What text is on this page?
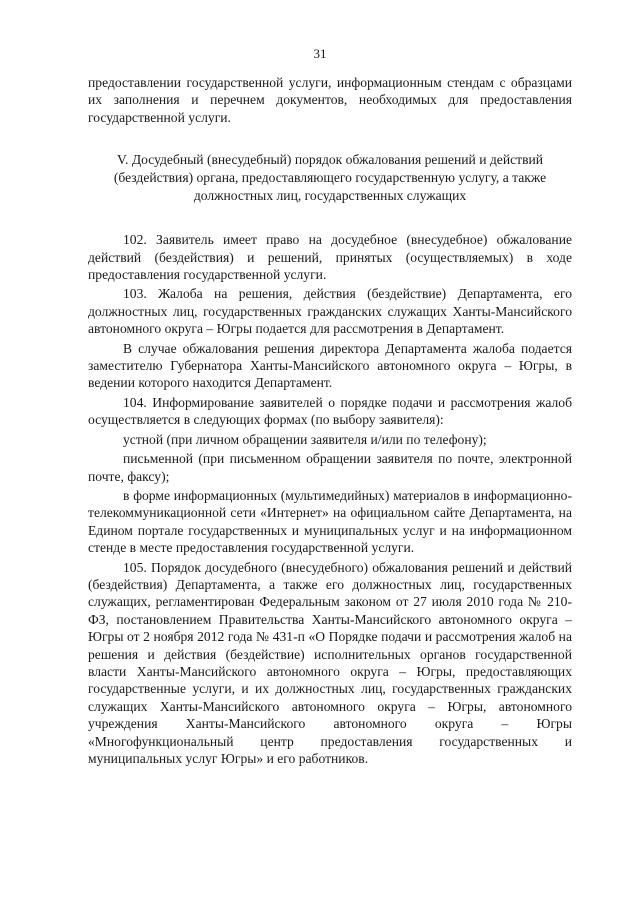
31

предоставлении государственной услуги, информационным стендам с образцами их заполнения и перечнем документов, необходимых для предоставления государственной услуги.

V. Досудебный (внесудебный) порядок обжалования решений и действий (бездействия) органа, предоставляющего государственную услугу, а также должностных лиц, государственных служащих

102. Заявитель имеет право на досудебное (внесудебное) обжалование действий (бездействия) и решений, принятых (осуществляемых) в ходе предоставления государственной услуги.

103. Жалоба на решения, действия (бездействие) Департамента, его должностных лиц, государственных гражданских служащих Ханты-Мансийского автономного округа – Югры подается для рассмотрения в Департамент.

В случае обжалования решения директора Департамента жалоба подается заместителю Губернатора Ханты-Мансийского автономного округа – Югры, в ведении которого находится Департамент.

104. Информирование заявителей о порядке подачи и рассмотрения жалоб осуществляется в следующих формах (по выбору заявителя):

устной (при личном обращении заявителя и/или по телефону);

письменной (при письменном обращении заявителя по почте, электронной почте, факсу);

в форме информационных (мультимедийных) материалов в информационно-телекоммуникационной сети «Интернет» на официальном сайте Департамента, на Едином портале государственных и муниципальных услуг и на информационном стенде в месте предоставления государственной услуги.

105. Порядок досудебного (внесудебного) обжалования решений и действий (бездействия) Департамента, а также его должностных лиц, государственных служащих, регламентирован Федеральным законом от 27 июля 2010 года № 210-ФЗ, постановлением Правительства Ханты-Мансийского автономного округа – Югры от 2 ноября 2012 года № 431-п «О Порядке подачи и рассмотрения жалоб на решения и действия (бездействие) исполнительных органов государственной власти Ханты-Мансийского автономного округа – Югры, предоставляющих государственные услуги, и их должностных лиц, государственных гражданских служащих Ханты-Мансийского автономного округа – Югры, автономного учреждения Ханты-Мансийского автономного округа – Югры «Многофункциональный центр предоставления государственных и муниципальных услуг Югры» и его работников.
